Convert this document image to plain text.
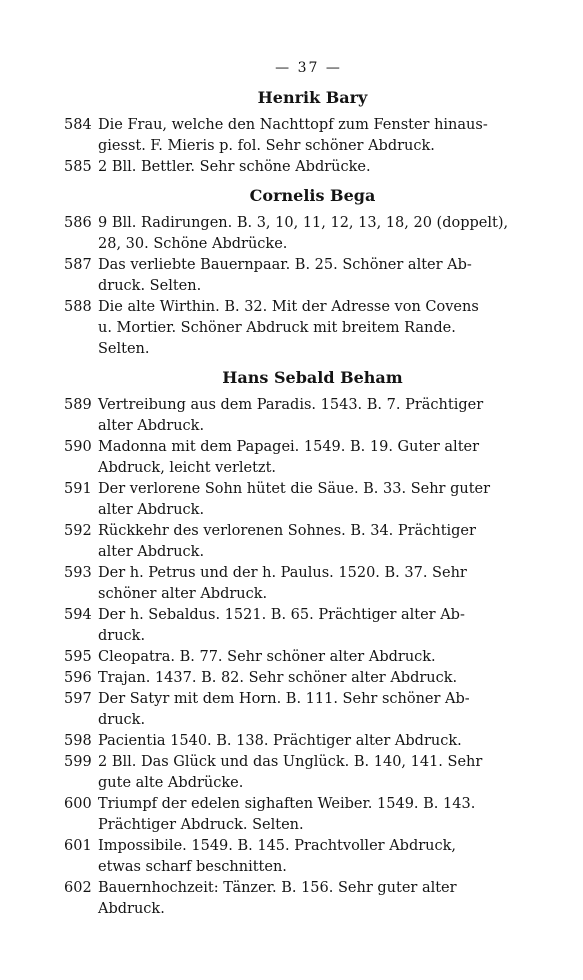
— 37 —
Henrik Bary
584 Die Frau, welche den Nachttopf zum Fenster hinaus-
giesst. F. Mieris p. fol. Sehr schöner Abdruck.
585 2 Bll. Bettler. Sehr schöne Abdrücke.
Cornelis Bega
586 9 Bll. Radirungen. B. 3, 10, 11, 12, 13, 18, 20 (doppelt),
28, 30. Schöne Abdrücke.
587 Das verliebte Bauernpaar. B. 25. Schöner alter Ab-
druck. Selten.
588 Die alte Wirthin. B. 32. Mit der Adresse von Covens
u. Mortier. Schöner Abdruck mit breitem Rande.
Selten.
Hans Sebald Beham
589 Vertreibung aus dem Paradis. 1543. B. 7. Prächtiger
alter Abdruck.
590 Madonna mit dem Papagei. 1549. B. 19. Guter alter
Abdruck, leicht verletzt.
591 Der verlorene Sohn hütet die Säue. B. 33. Sehr guter
alter Abdruck.
592 Rückkehr des verlorenen Sohnes. B. 34. Prächtiger
alter Abdruck.
593 Der h. Petrus und der h. Paulus. 1520. B. 37. Sehr
schöner alter Abdruck.
594 Der h. Sebaldus. 1521. B. 65. Prächtiger alter Ab-
druck.
595 Cleopatra. B. 77. Sehr schöner alter Abdruck.
596 Trajan. 1437. B. 82. Sehr schöner alter Abdruck.
597 Der Satyr mit dem Horn. B. 111. Sehr schöner Ab-
druck.
598 Pacientia 1540. B. 138. Prächtiger alter Abdruck.
599 2 Bll. Das Glück und das Unglück. B. 140, 141. Sehr
gute alte Abdrücke.
600 Triumpf der edelen sighaften Weiber. 1549. B. 143.
Prächtiger Abdruck. Selten.
601 Impossibile. 1549. B. 145. Prachtvoller Abdruck,
etwas scharf beschnitten.
602 Bauernhochzeit: Tänzer. B. 156. Sehr guter alter
Abdruck.
